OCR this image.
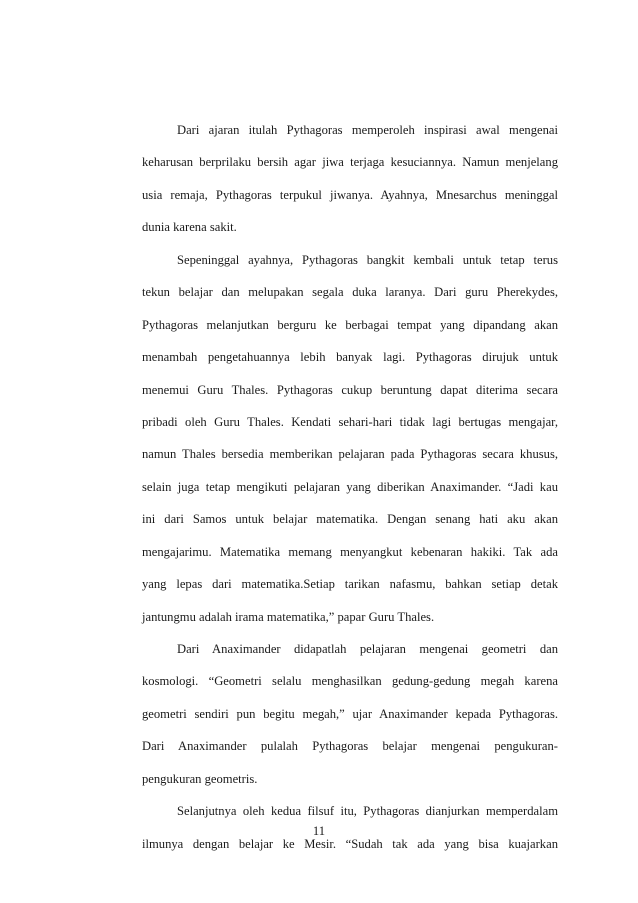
Dari ajaran itulah Pythagoras memperoleh inspirasi awal mengenai
keharusan berprilaku bersih agar jiwa terjaga kesuciannya. Namun menjelang
usia remaja, Pythagoras terpukul jiwanya. Ayahnya, Mnesarchus meninggal
dunia karena sakit.
Sepeninggal ayahnya, Pythagoras bangkit kembali untuk tetap terus
tekun belajar dan melupakan segala duka laranya. Dari guru Pherekydes,
Pythagoras melanjutkan berguru ke berbagai tempat yang dipandang akan
menambah pengetahuannya lebih banyak lagi. Pythagoras dirujuk untuk
menemui Guru Thales. Pythagoras cukup beruntung dapat diterima secara
pribadi oleh Guru Thales. Kendati sehari-hari tidak lagi bertugas mengajar,
namun Thales bersedia memberikan pelajaran pada Pythagoras secara khusus,
selain juga tetap mengikuti pelajaran yang diberikan Anaximander. “Jadi kau
ini dari Samos untuk belajar matematika. Dengan senang hati aku akan
mengajarimu. Matematika memang menyangkut kebenaran hakiki. Tak ada
yang lepas dari matematika.Setiap tarikan nafasmu, bahkan setiap detak
jantungmu adalah irama matematika,” papar Guru Thales.
Dari Anaximander didapatlah pelajaran mengenai geometri dan
kosmologi. “Geometri selalu menghasilkan gedung-gedung megah karena
geometri sendiri pun begitu megah,” ujar Anaximander kepada Pythagoras.
Dari Anaximander pulalah Pythagoras belajar mengenai pengukuran-
pengukuran geometris.
Selanjutnya oleh kedua filsuf itu, Pythagoras dianjurkan memperdalam
ilmunya dengan belajar ke Mesir. “Sudah tak ada yang bisa kuajarkan
11
